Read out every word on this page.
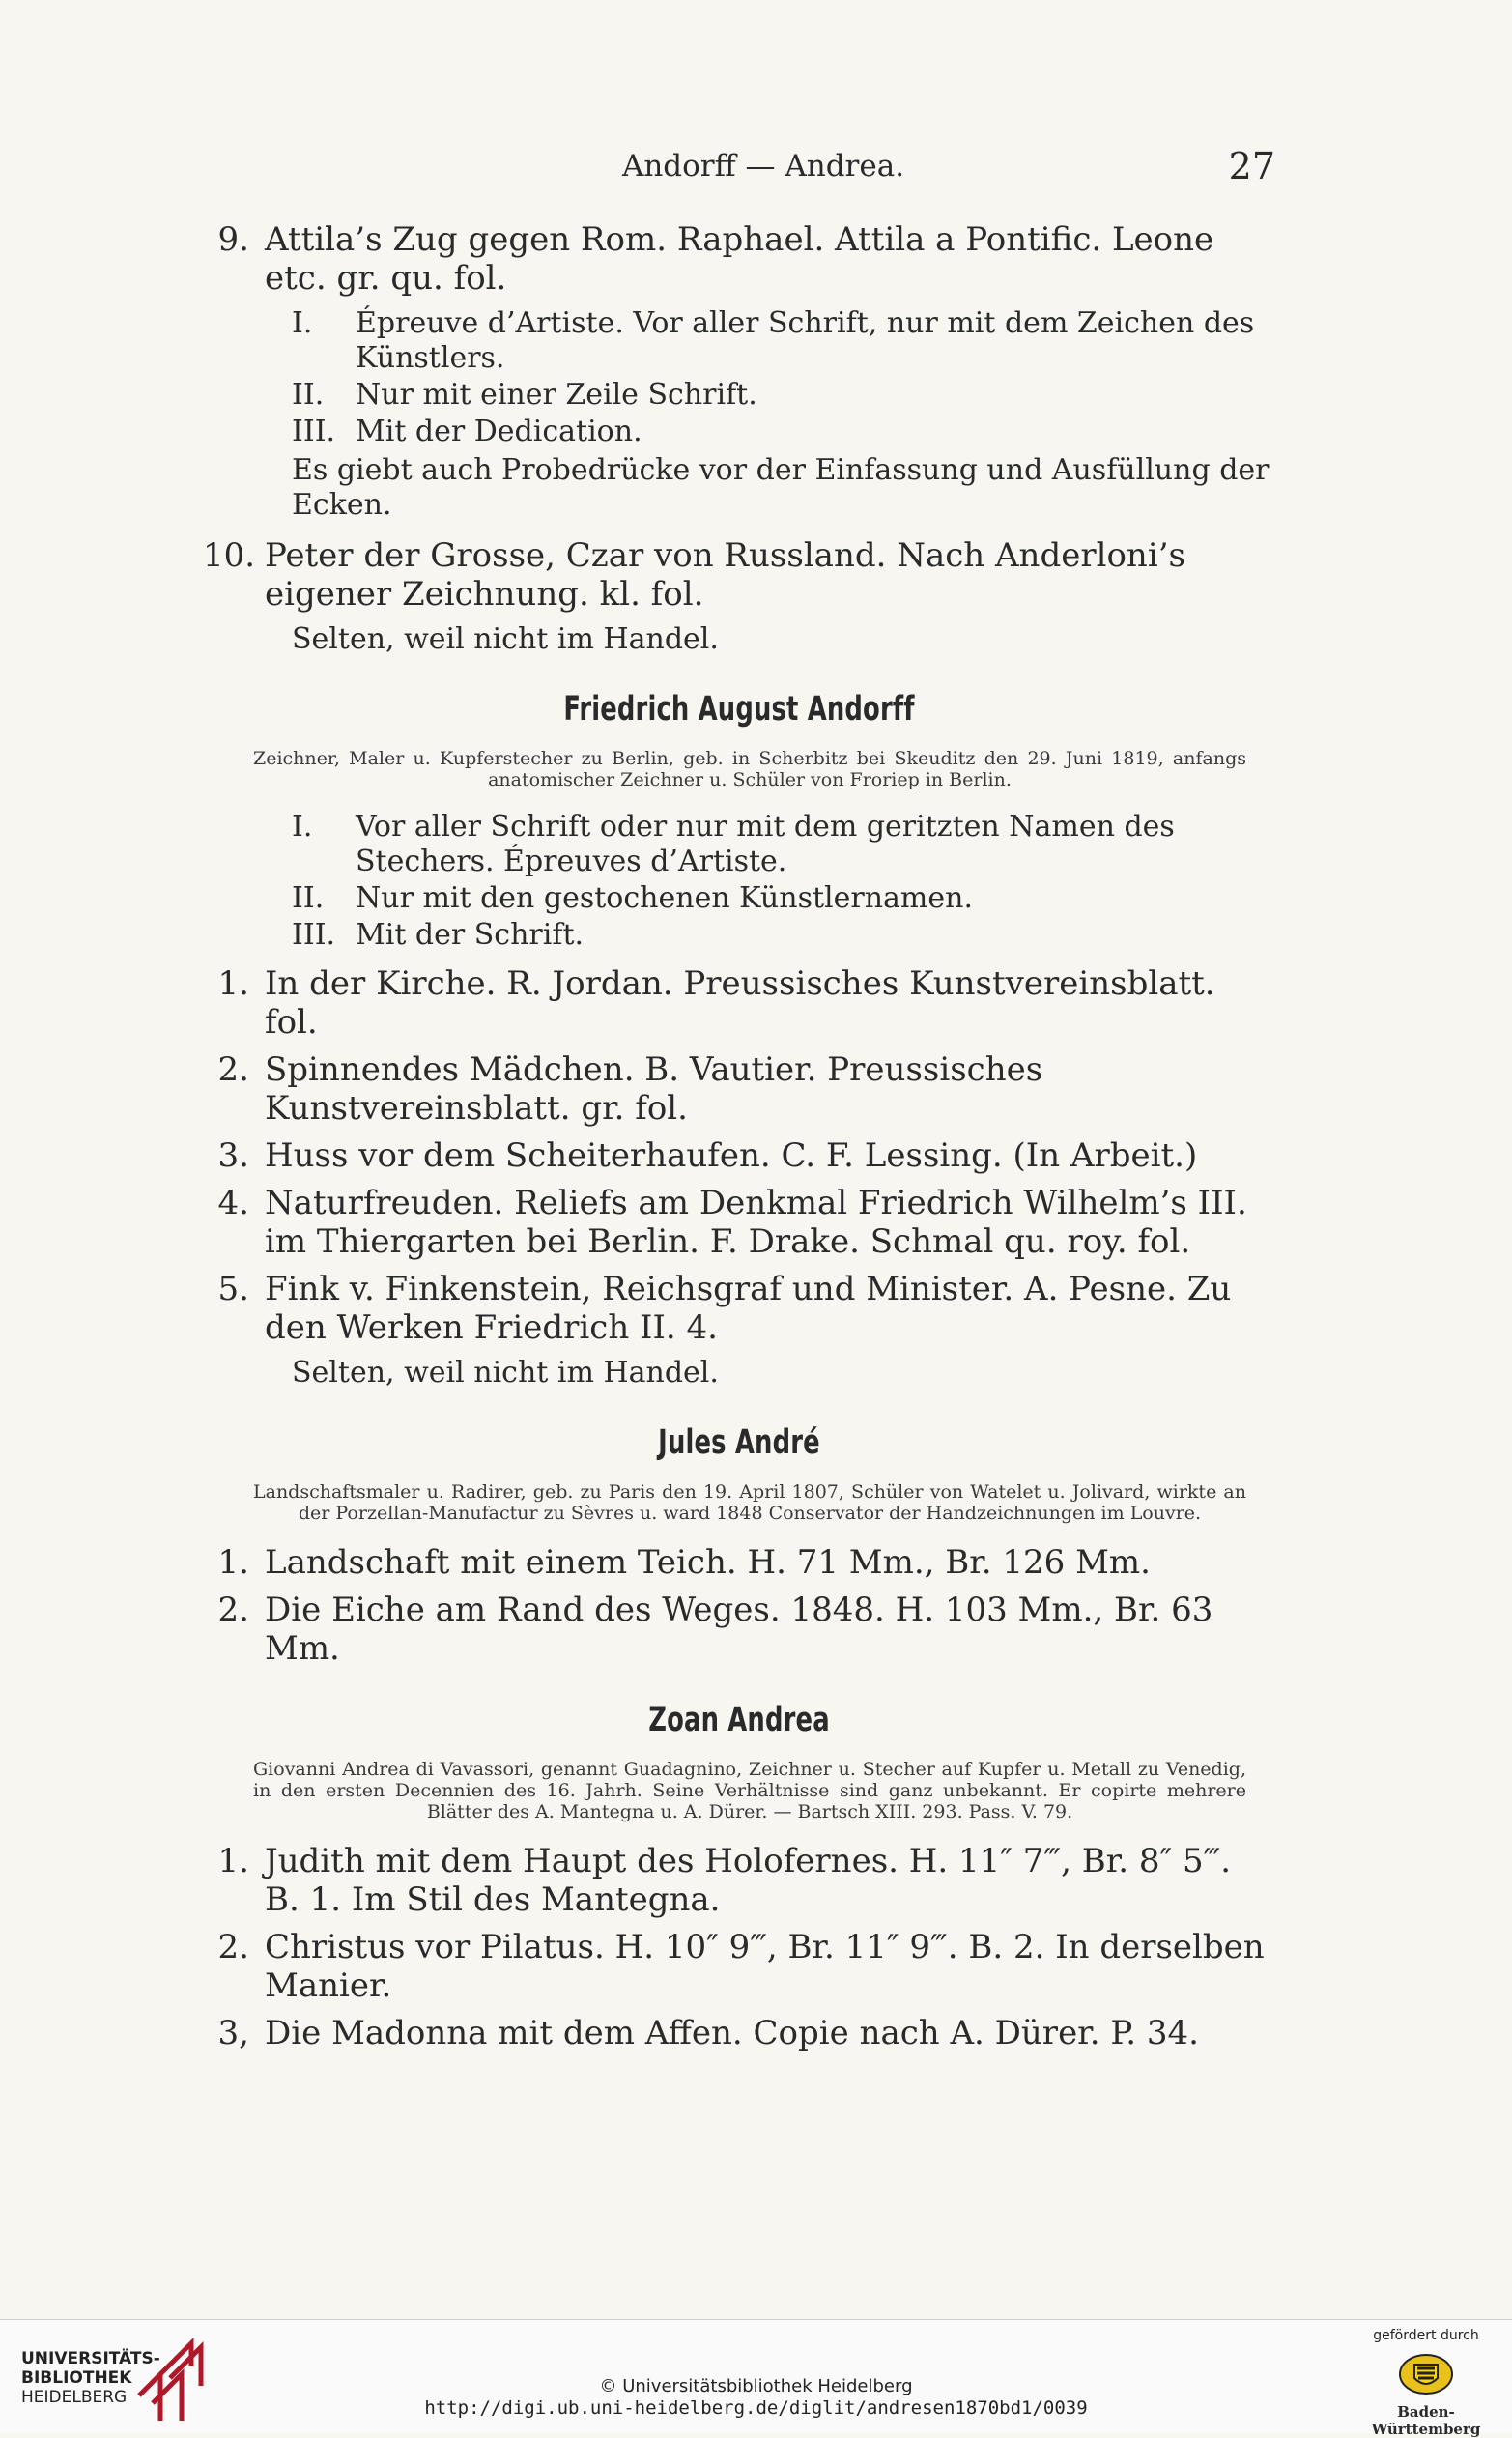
Andorff — Andrea.	27
9. Attila’s Zug gegen Rom. Raphael. Attila a Pontific. Leone etc. gr. qu. fol.
I. Épreuve d’Artiste. Vor aller Schrift, nur mit dem Zeichen des Künstlers.
II. Nur mit einer Zeile Schrift.
III. Mit der Dedication.
Es giebt auch Probedrücke vor der Einfassung und Ausfüllung der Ecken.
10. Peter der Grosse, Czar von Russland. Nach Anderloni’s eigener Zeichnung. kl. fol.
Selten, weil nicht im Handel.
Friedrich August Andorff
Zeichner, Maler u. Kupferstecher zu Berlin, geb. in Scherbitz bei Skeuditz den 29. Juni 1819, anfangs anatomischer Zeichner u. Schüler von Froriep in Berlin.
I. Vor aller Schrift oder nur mit dem geritzten Namen des Stechers. Épreuves d’Artiste.
II. Nur mit den gestochenen Künstlernamen.
III. Mit der Schrift.
1. In der Kirche. R. Jordan. Preussisches Kunstvereinsblatt. fol.
2. Spinnendes Mädchen. B. Vautier. Preussisches Kunstvereinsblatt. gr. fol.
3. Huss vor dem Scheiterhaufen. C. F. Lessing. (In Arbeit.)
4. Naturfreuden. Reliefs am Denkmal Friedrich Wilhelm’s III. im Thiergarten bei Berlin. F. Drake. Schmal qu. roy. fol.
5. Fink v. Finkenstein, Reichsgraf und Minister. A. Pesne. Zu den Werken Friedrich II. 4.
Selten, weil nicht im Handel.
Jules André
Landschaftsmaler u. Radirer, geb. zu Paris den 19. April 1807, Schüler von Watelet u. Jolivard, wirkte an der Porzellan-Manufactur zu Sèvres u. ward 1848 Conservator der Handzeichnungen im Louvre.
1. Landschaft mit einem Teich. H. 71 Mm., Br. 126 Mm.
2. Die Eiche am Rand des Weges. 1848. H. 103 Mm., Br. 63 Mm.
Zoan Andrea
Giovanni Andrea di Vavassori, genannt Guadagnino, Zeichner u. Stecher auf Kupfer u. Metall zu Venedig, in den ersten Decennien des 16. Jahrh. Seine Verhältnisse sind ganz unbekannt. Er copirte mehrere Blätter des A. Mantegna u. A. Dürer. — Bartsch XIII. 293. Pass. V. 79.
1. Judith mit dem Haupt des Holofernes. H. 11″ 7‴, Br. 8″ 5‴. B. 1. Im Stil des Mantegna.
2. Christus vor Pilatus. H. 10″ 9‴, Br. 11″ 9‴. B. 2. In derselben Manier.
3, Die Madonna mit dem Affen. Copie nach A. Dürer. P. 34.
UNIVERSITÄTS-
BIBLIOTHEK
HEIDELBERG
© Universitätsbibliothek Heidelberg
http://digi.ub.uni-heidelberg.de/diglit/andresen1870bd1/0039
gefördert durch
Baden-Württemberg
